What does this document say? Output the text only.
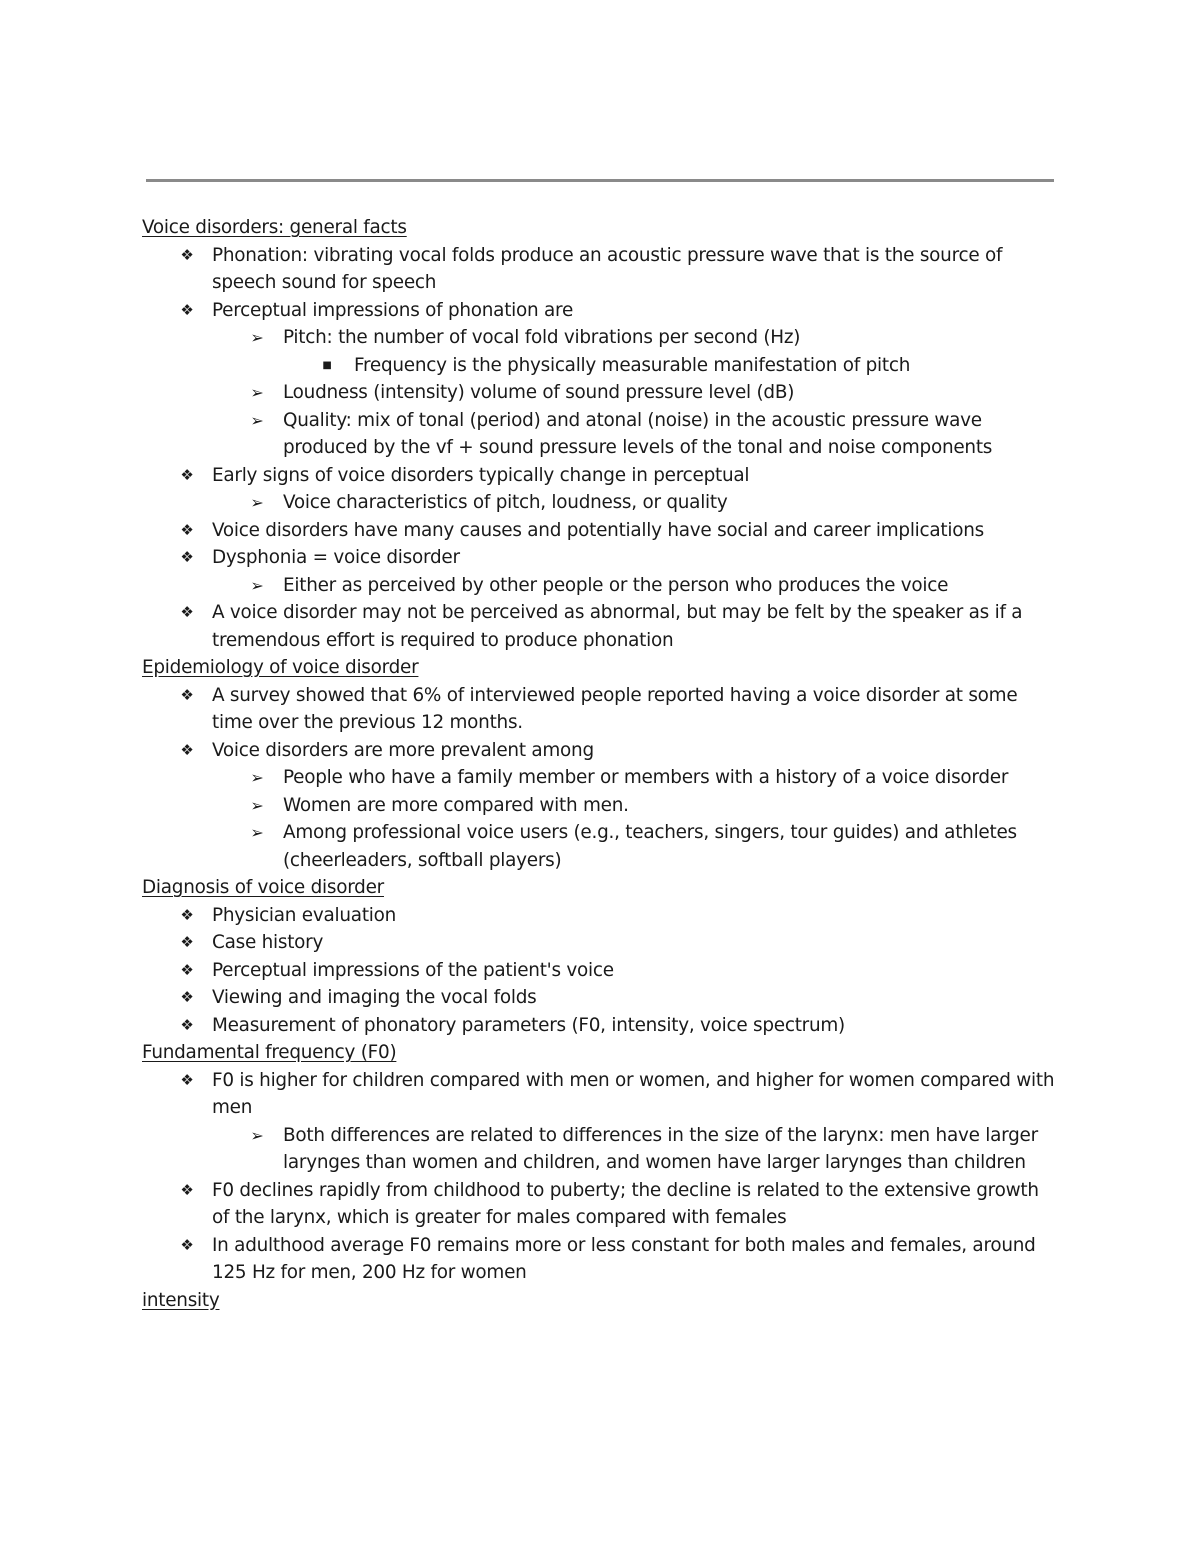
Voice disorders: general facts
❖ Phonation: vibrating vocal folds produce an acoustic pressure wave that is the source of speech sound for speech
❖ Perceptual impressions of phonation are
➢ Pitch: the number of vocal fold vibrations per second (Hz)
■	Frequency is the physically measurable manifestation of pitch
➢ Loudness (intensity) volume of sound pressure level (dB)
➢ Quality: mix of tonal (period) and atonal (noise) in the acoustic pressure wave produced by the vf + sound pressure levels of the tonal and noise components
❖ Early signs of voice disorders typically change in perceptual
➢ Voice characteristics of pitch, loudness, or quality
❖ Voice disorders have many causes and potentially have social and career implications
❖ Dysphonia = voice disorder
➢ Either as perceived by other people or the person who produces the voice
❖ A voice disorder may not be perceived as abnormal, but may be felt by the speaker as if a tremendous effort is required to produce phonation
Epidemiology of voice disorder
❖ A survey showed that 6% of interviewed people reported having a voice disorder at some time over the previous 12 months.
❖ Voice disorders are more prevalent among
➢ People who have a family member or members with a history of a voice disorder
➢ Women are more compared with men.
➢ Among professional voice users (e.g., teachers, singers, tour guides) and athletes (cheerleaders, softball players)
Diagnosis of voice disorder
❖ Physician evaluation
❖ Case history
❖ Perceptual impressions of the patient's voice
❖ Viewing and imaging the vocal folds
❖ Measurement of phonatory parameters (F0, intensity, voice spectrum)
Fundamental frequency (F0)
❖ F0 is higher for children compared with men or women, and higher for women compared with men
➢ Both differences are related to differences in the size of the larynx: men have larger larynges than women and children, and women have larger larynges than children
❖ F0 declines rapidly from childhood to puberty; the decline is related to the extensive growth of the larynx, which is greater for males compared with females
❖ In adulthood average F0 remains more or less constant for both males and females, around 125 Hz for men, 200 Hz for women
intensity
